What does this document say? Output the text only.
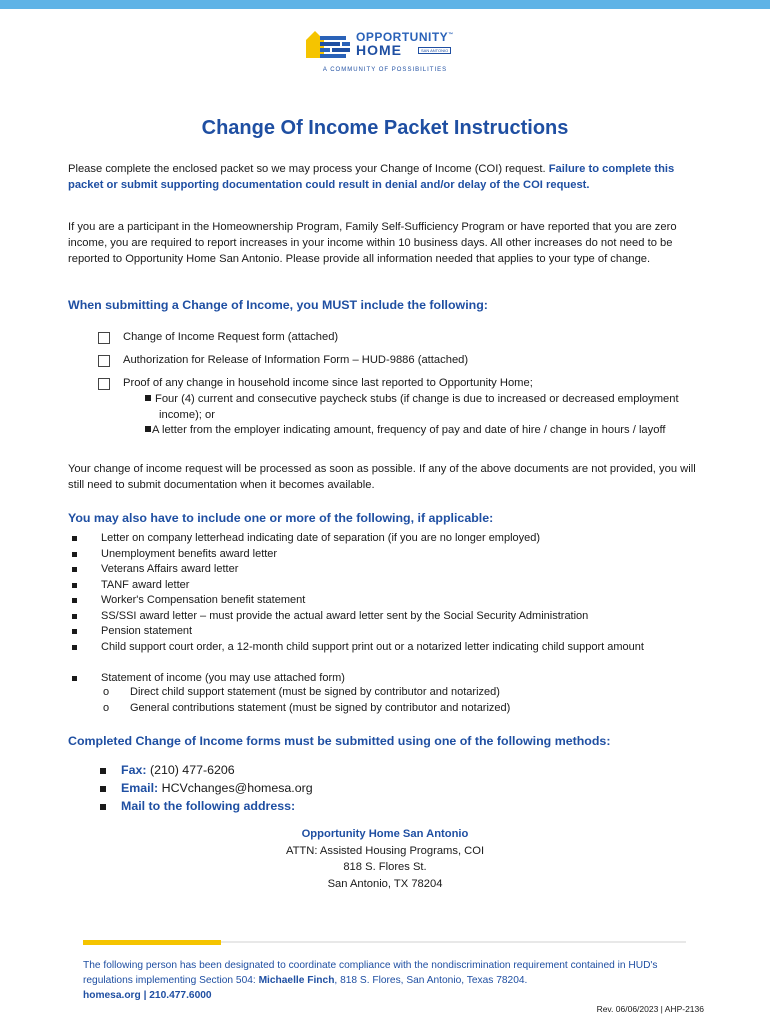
OPPORTUNITY™
HOME	SAN ANTONIO
A COMMUNITY OF POSSIBILITIES
Change Of Income Packet Instructions

Please complete the enclosed packet so we may process your Change of Income (COI) request. Failure to complete this packet or submit supporting documentation could result in denial and/or delay of the COI request.

If you are a participant in the Homeownership Program, Family Self-Sufficiency Program or have reported that you are zero income, you are required to report increases in your income within 10 business days. All other increases do not need to be reported to Opportunity Home San Antonio. Please provide all information needed that applies to your type of change.

When submitting a Change of Income, you MUST include the following:

Change of Income Request form (attached)
Authorization for Release of Information Form – HUD-9886 (attached)
Proof of any change in household income since last reported to Opportunity Home;
Four (4) current and consecutive paycheck stubs (if change is due to increased or decreased employment income); or
A letter from the employer indicating amount, frequency of pay and date of hire / change in hours / layoff

Your change of income request will be processed as soon as possible. If any of the above documents are not provided, you will still need to submit documentation when it becomes available.

You may also have to include one or more of the following, if applicable:

Letter on company letterhead indicating date of separation (if you are no longer employed)
Unemployment benefits award letter
Veterans Affairs award letter
TANF award letter
Worker's Compensation benefit statement
SS/SSI award letter – must provide the actual award letter sent by the Social Security Administration
Pension statement
Child support court order, a 12-month child support print out or a notarized letter indicating child support amount
Statement of income (you may use attached form)
o Direct child support statement (must be signed by contributor and notarized)
o General contributions statement (must be signed by contributor and notarized)

Completed Change of Income forms must be submitted using one of the following methods:

Fax: (210) 477-6206
Email: HCVchanges@homesa.org
Mail to the following address:
Opportunity Home San Antonio
ATTN: Assisted Housing Programs, COI
818 S. Flores St.
San Antonio, TX 78204
The following person has been designated to coordinate compliance with the nondiscrimination requirement contained in HUD's regulations implementing Section 504: Michaelle Finch, 818 S. Flores, San Antonio, Texas 78204.
homesa.org | 210.477.6000
Rev. 06/06/2023 | AHP-2136
